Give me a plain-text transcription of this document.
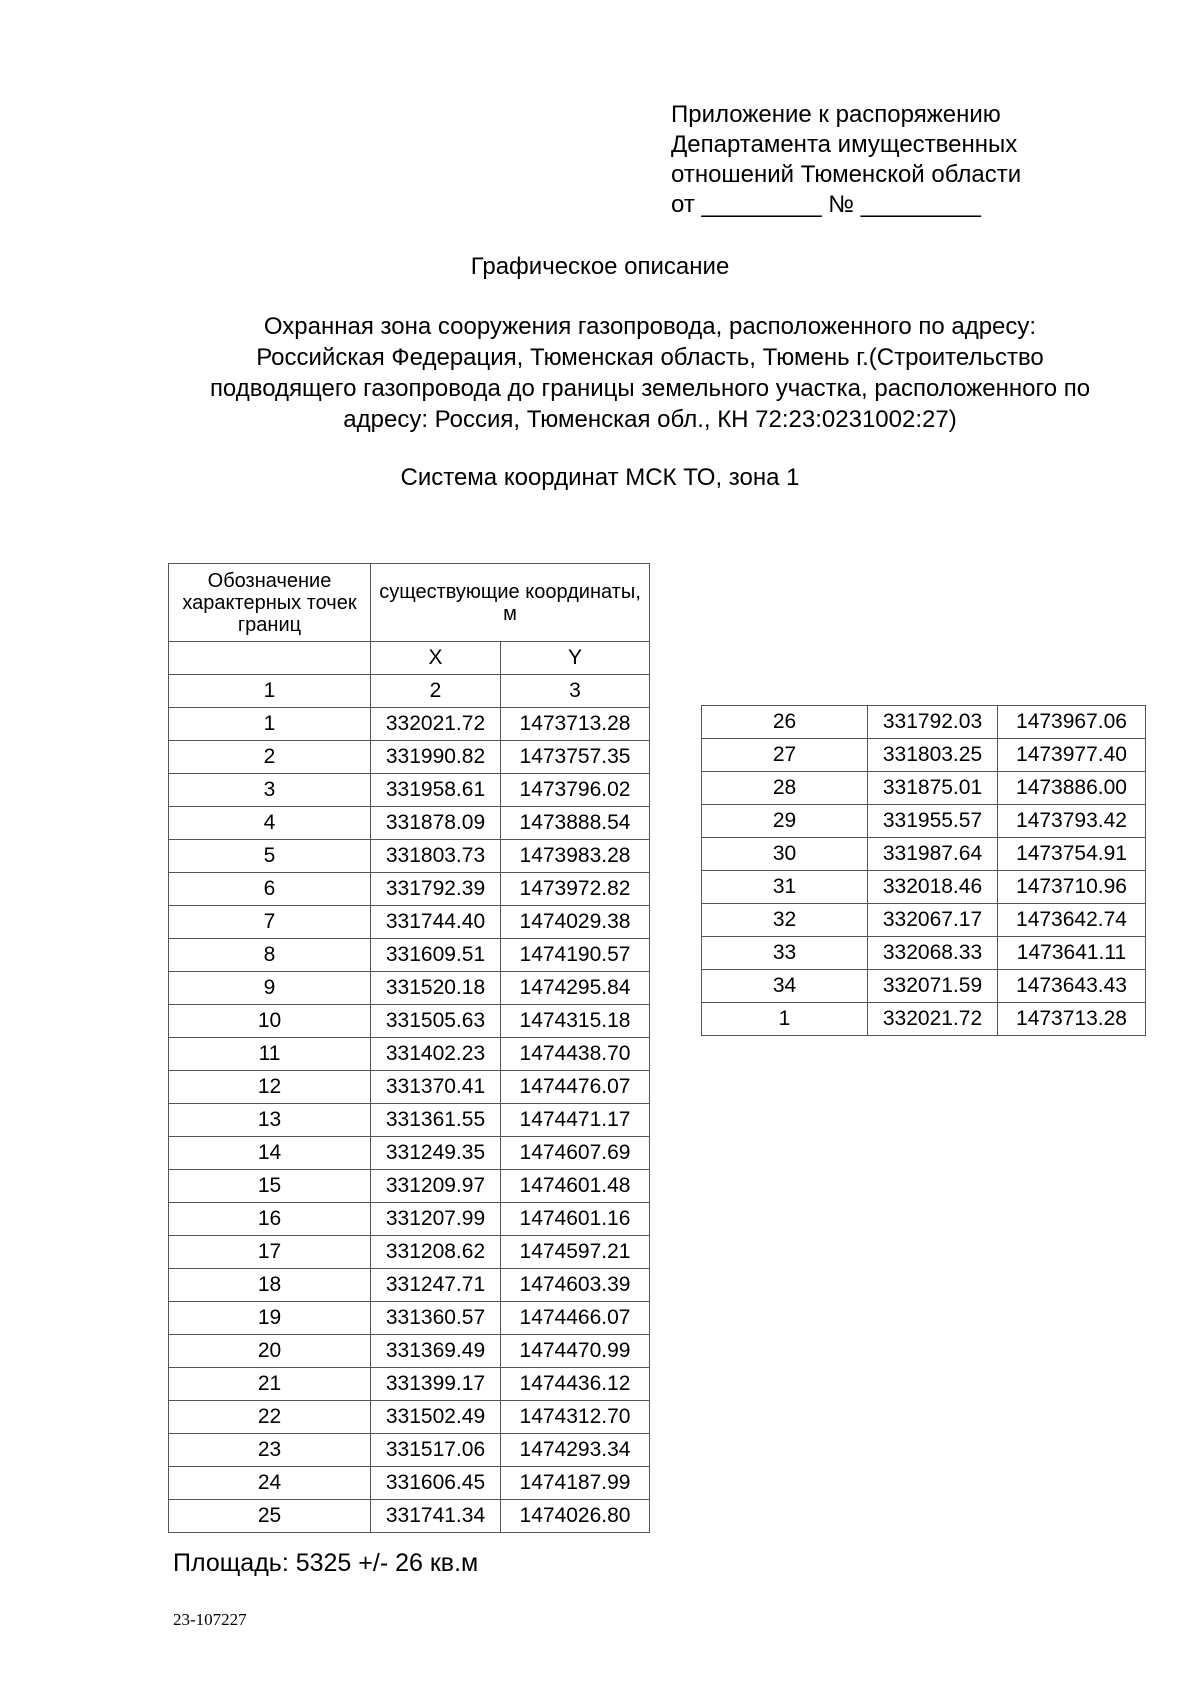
Приложение к распоряжению
Департамента имущественных
отношений Тюменской области
от _________ № _________
Графическое описание
Охранная зона сооружения газопровода, расположенного по адресу:
Российская Федерация, Тюменская область, Тюмень г.(Строительство
подводящего газопровода до границы земельного участка, расположенного по
адресу: Россия, Тюменская обл., КН 72:23:0231002:27)
Система координат МСК ТО, зона 1
Обозначение характерных точек границ	существующие координаты, м	
	X	Y
1	2	3
1	332021.72	1473713.28
2	331990.82	1473757.35
3	331958.61	1473796.02
4	331878.09	1473888.54
5	331803.73	1473983.28
6	331792.39	1473972.82
7	331744.40	1474029.38
8	331609.51	1474190.57
9	331520.18	1474295.84
10	331505.63	1474315.18
11	331402.23	1474438.70
12	331370.41	1474476.07
13	331361.55	1474471.17
14	331249.35	1474607.69
15	331209.97	1474601.48
16	331207.99	1474601.16
17	331208.62	1474597.21
18	331247.71	1474603.39
19	331360.57	1474466.07
20	331369.49	1474470.99
21	331399.17	1474436.12
22	331502.49	1474312.70
23	331517.06	1474293.34
24	331606.45	1474187.99
25	331741.34	1474026.80
26	331792.03	1473967.06
27	331803.25	1473977.40
28	331875.01	1473886.00
29	331955.57	1473793.42
30	331987.64	1473754.91
31	332018.46	1473710.96
32	332067.17	1473642.74
33	332068.33	1473641.11
34	332071.59	1473643.43
1	332021.72	1473713.28
Площадь: 5325 +/- 26 кв.м
23-107227
